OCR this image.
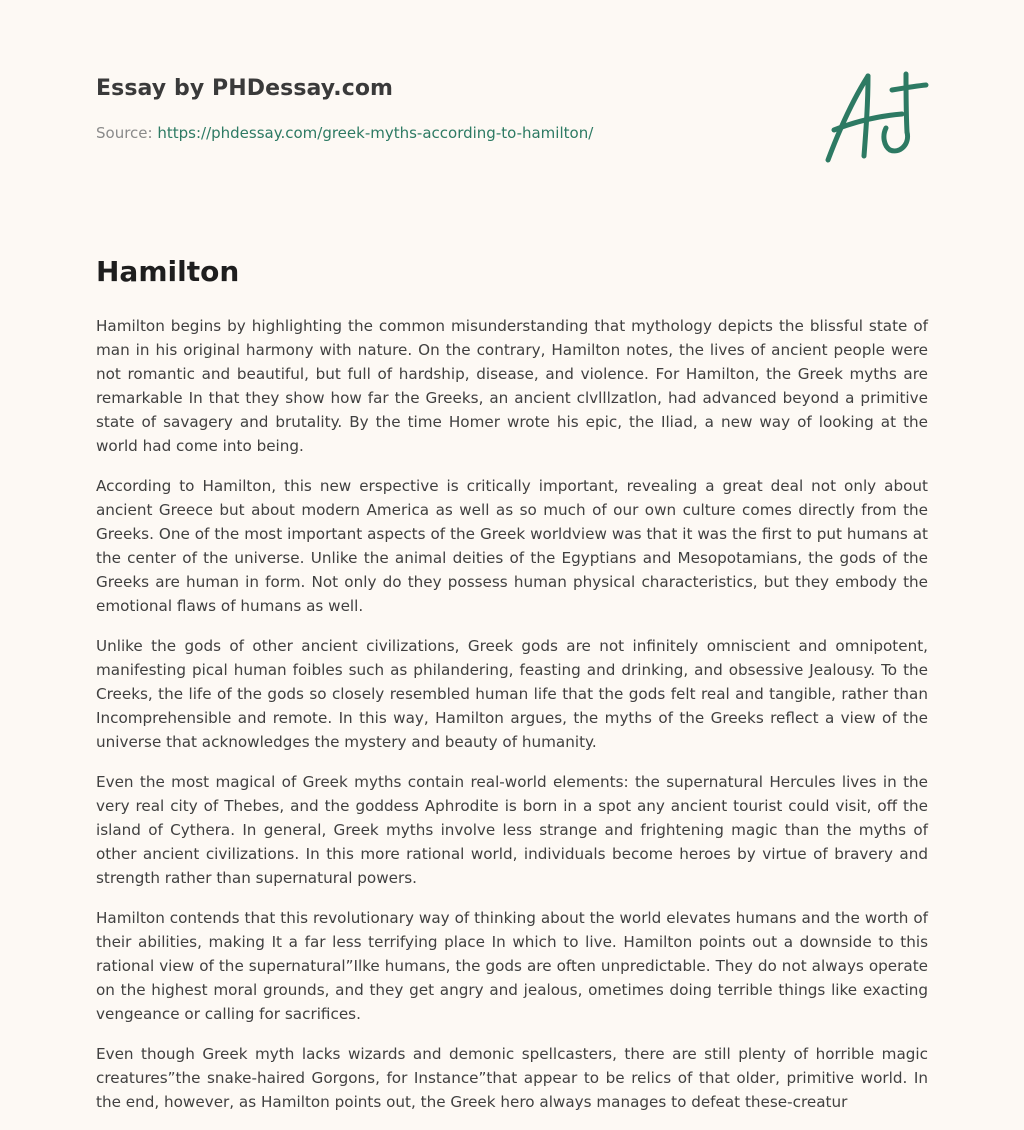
Essay by PHDessay.com
Source: https://phdessay.com/greek-myths-according-to-hamilton/
Hamilton

Hamilton begins by highlighting the common misunderstanding that mythology depicts the blissful state of man in his original harmony with nature. On the contrary, Hamilton notes, the lives of ancient people were not romantic and beautiful, but full of hardship, disease, and violence. For Hamilton, the Greek myths are remarkable In that they show how far the Greeks, an ancient clvlllzatlon, had advanced beyond a primitive state of savagery and brutality. By the time Homer wrote his epic, the Iliad, a new way of looking at the world had come into being.

According to Hamilton, this new erspective is critically important, revealing a great deal not only about ancient Greece but about modern America as well as so much of our own culture comes directly from the Greeks. One of the most important aspects of the Greek worldview was that it was the first to put humans at the center of the universe. Unlike the animal deities of the Egyptians and Mesopotamians, the gods of the Greeks are human in form. Not only do they possess human physical characteristics, but they embody the emotional flaws of humans as well.

Unlike the gods of other ancient civilizations, Greek gods are not infinitely omniscient and omnipotent, manifesting pical human foibles such as philandering, feasting and drinking, and obsessive Jealousy. To the Creeks, the life of the gods so closely resembled human life that the gods felt real and tangible, rather than Incomprehensible and remote. In this way, Hamilton argues, the myths of the Greeks reflect a view of the universe that acknowledges the mystery and beauty of humanity.

Even the most magical of Greek myths contain real-world elements: the supernatural Hercules lives in the very real city of Thebes, and the goddess Aphrodite is born in a spot any ancient tourist could visit, off the island of Cythera. In general, Greek myths involve less strange and frightening magic than the myths of other ancient civilizations. In this more rational world, individuals become heroes by virtue of bravery and strength rather than supernatural powers.

Hamilton contends that this revolutionary way of thinking about the world elevates humans and the worth of their abilities, making It a far less terrifying place In which to live. Hamilton points out a downside to this rational view of the supernatural”Ilke humans, the gods are often unpredictable. They do not always operate on the highest moral grounds, and they get angry and jealous, ometimes doing terrible things like exacting vengeance or calling for sacrifices.

Even though Greek myth lacks wizards and demonic spellcasters, there are still plenty of horrible magic creatures”the snake-haired Gorgons, for Instance”that appear to be relics of that older, primitive world. In the end, however, as Hamilton points out, the Greek hero always manages to defeat these-creatur
